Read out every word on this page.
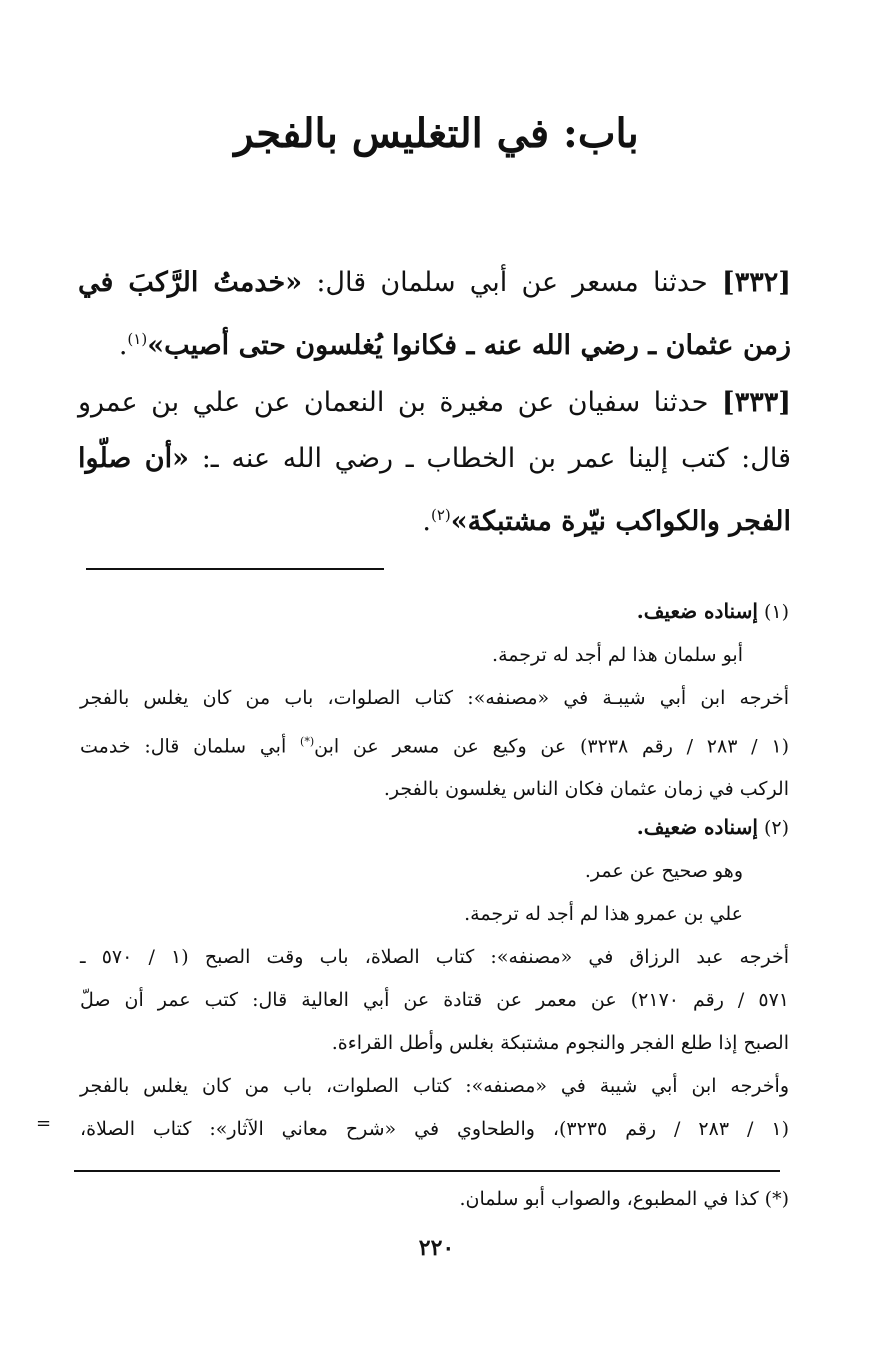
باب: في التغليس بالفجر

[٣٣٢] حدثنا مسعر عن أبي سلمان قال: «خدمتُ الرَّكبَ في زمن عثمان ـ رضي الله عنه ـ فكانوا يُغلسون حتى أصيب»$^{(١)}$.

[٣٣٣] حدثنا سفيان عن مغيرة بن النعمان عن علي بن عمرو قال: كتب إلينا عمر بن الخطاب ـ رضي الله عنه ـ: «أن صلّوا الفجر والكواكب نيّرة مشتبكة»$^{(٢)}$.

(١) إسناده ضعيف.
أبو سلمان هذا لم أجد له ترجمة.
أخرجه ابن أبي شيبـة في «مصنفه»: كتاب الصلوات، باب من كان يغلس بالفجر
(١ / ٢٨٣ / رقم ٣٢٣٨) عن وكيع عن مسعر عن ابن(*) أبي سلمان قال: خدمت
الركب في زمان عثمان فكان الناس يغلسون بالفجر.
(٢) إسناده ضعيف.
وهو صحيح عن عمر.
علي بن عمرو هذا لم أجد له ترجمة.
أخرجه عبد الرزاق في «مصنفه»: كتاب الصلاة، باب وقت الصبح (١ / ٥٧٠ ـ
٥٧١ / رقم ٢١٧٠) عن معمر عن قتادة عن أبي العالية قال: كتب عمر أن صلّ
الصبح إذا طلع الفجر والنجوم مشتبكة بغلس وأطل القراءة.
وأخرجه ابن أبي شيبة في «مصنفه»: كتاب الصلوات، باب من كان يغلس بالفجر
(١ / ٢٨٣ / رقم ٣٢٣٥)، والطحاوي في «شرح معاني الآثار»: كتاب الصلاة،
=

(*) كذا في المطبوع، والصواب أبو سلمان.

٢٢٠
